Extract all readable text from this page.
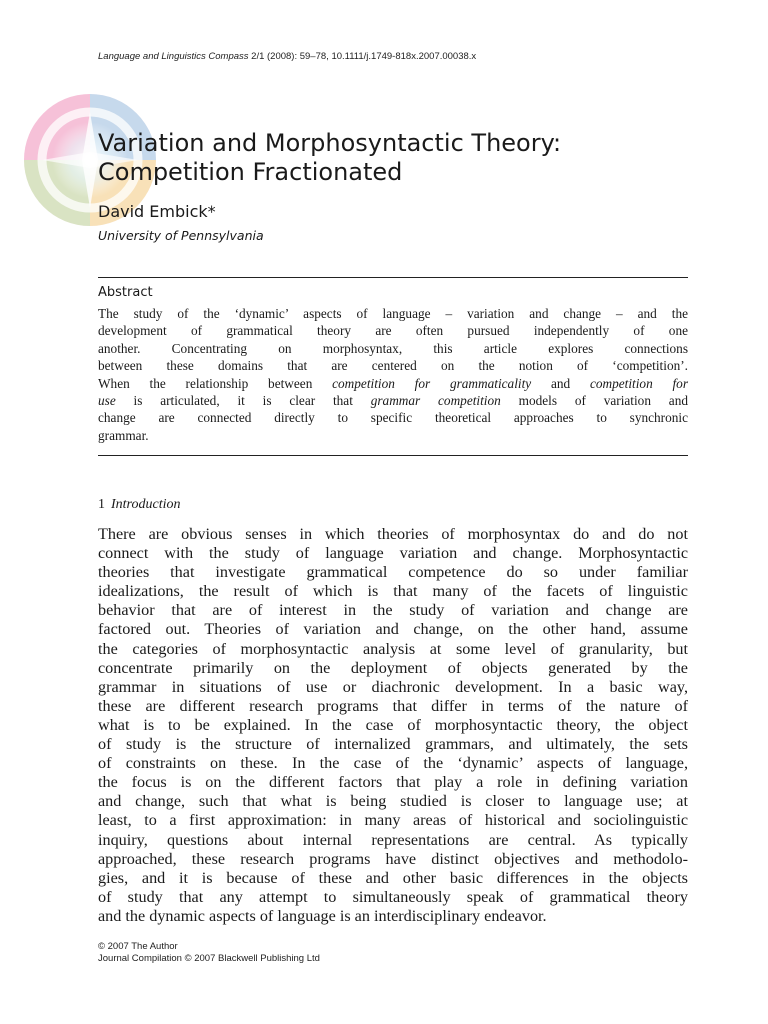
Language and Linguistics Compass 2/1 (2008): 59–78, 10.1111/j.1749-818x.2007.00038.x
Variation and Morphosyntactic Theory:
Competition Fractionated
David Embick*
University of Pennsylvania
Abstract
The study of the ‘dynamic’ aspects of language – variation and change – and the
development of grammatical theory are often pursued independently of one
another. Concentrating on morphosyntax, this article explores connections
between these domains that are centered on the notion of ‘competition’.
When the relationship between competition for grammaticality and competition for
use is articulated, it is clear that grammar competition models of variation and
change are connected directly to specific theoretical approaches to synchronic
grammar.
1 Introduction
There are obvious senses in which theories of morphosyntax do and do not
connect with the study of language variation and change. Morphosyntactic
theories that investigate grammatical competence do so under familiar
idealizations, the result of which is that many of the facets of linguistic
behavior that are of interest in the study of variation and change are
factored out. Theories of variation and change, on the other hand, assume
the categories of morphosyntactic analysis at some level of granularity, but
concentrate primarily on the deployment of objects generated by the
grammar in situations of use or diachronic development. In a basic way,
these are different research programs that differ in terms of the nature of
what is to be explained. In the case of morphosyntactic theory, the object
of study is the structure of internalized grammars, and ultimately, the sets
of constraints on these. In the case of the ‘dynamic’ aspects of language,
the focus is on the different factors that play a role in defining variation
and change, such that what is being studied is closer to language use; at
least, to a first approximation: in many areas of historical and sociolinguistic
inquiry, questions about internal representations are central. As typically
approached, these research programs have distinct objectives and methodolo-
gies, and it is because of these and other basic differences in the objects
of study that any attempt to simultaneously speak of grammatical theory
and the dynamic aspects of language is an interdisciplinary endeavor.
© 2007 The Author
Journal Compilation © 2007 Blackwell Publishing Ltd
